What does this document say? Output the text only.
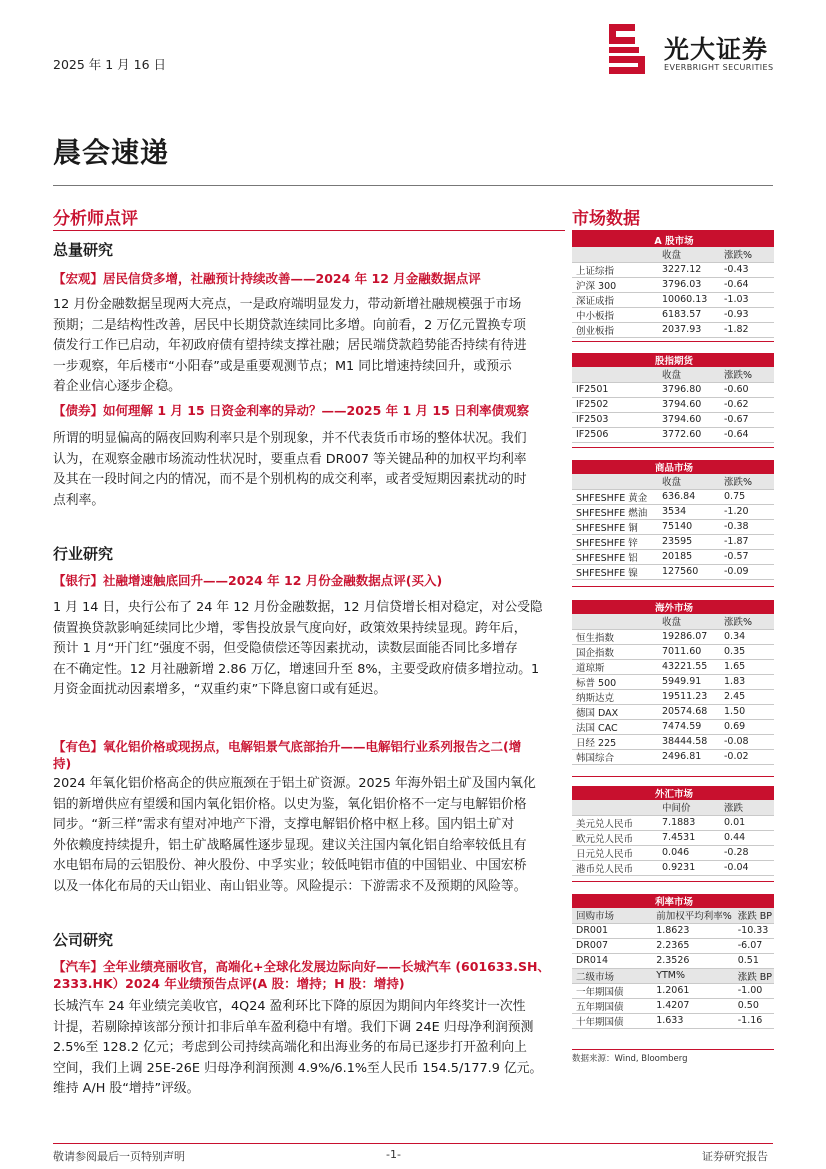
2025 年 1 月 16 日
光大证券
EVERBRIGHT SECURITIES
晨会速递
分析师点评
总量研究
【宏观】居民信贷多增，社融预计持续改善——2024 年 12 月金融数据点评
12 月份金融数据呈现两大亮点，一是政府端明显发力，带动新增社融规模强于市场
预期；二是结构性改善，居民中长期贷款连续同比多增。向前看，2 万亿元置换专项
债发行工作已启动，年初政府债有望持续支撑社融；居民端贷款趋势能否持续有待进
一步观察，年后楼市“小阳春”或是重要观测节点；M1 同比增速持续回升，或预示
着企业信心逐步企稳。
【债券】如何理解 1 月 15 日资金利率的异动？——2025 年 1 月 15 日利率债观察
所谓的明显偏高的隔夜回购利率只是个别现象，并不代表货币市场的整体状况。我们
认为，在观察金融市场流动性状况时，要重点看 DR007 等关键品种的加权平均利率
及其在一段时间之内的情况，而不是个别机构的成交利率，或者受短期因素扰动的时
点利率。
行业研究
【银行】社融增速触底回升——2024 年 12 月份金融数据点评(买入)
1 月 14 日，央行公布了 24 年 12 月份金融数据，12 月信贷增长相对稳定，对公受隐
债置换贷款影响延续同比少增，零售投放景气度向好，政策效果持续显现。跨年后，
预计 1 月“开门红”强度不弱，但受隐债偿还等因素扰动，读数层面能否同比多增存
在不确定性。12 月社融新增 2.86 万亿，增速回升至 8%，主要受政府债多增拉动。1
月资金面扰动因素增多，“双重约束”下降息窗口或有延迟。
【有色】氧化铝价格或现拐点，电解铝景气底部抬升——电解铝行业系列报告之二(增
持)
2024 年氧化铝价格高企的供应瓶颈在于铝土矿资源。2025 年海外铝土矿及国内氧化
铝的新增供应有望缓和国内氧化铝价格。以史为鉴，氧化铝价格不一定与电解铝价格
同步。“新三样”需求有望对冲地产下滑，支撑电解铝价格中枢上移。国内铝土矿对
外依赖度持续提升，铝土矿战略属性逐步显现。建议关注国内氧化铝自给率较低且有
水电铝布局的云铝股份、神火股份、中孚实业；较低吨铝市值的中国铝业、中国宏桥
以及一体化布局的天山铝业、南山铝业等。风险提示：下游需求不及预期的风险等。
公司研究
【汽车】全年业绩亮丽收官，高端化+全球化发展边际向好——长城汽车 (601633.SH、
2333.HK）2024 年业绩预告点评(A 股：增持；H 股：增持)
长城汽车 24 年业绩完美收官，4Q24 盈利环比下降的原因为期间内年终奖计一次性
计提，若剔除掉该部分预计扣非后单车盈利稳中有增。我们下调 24E 归母净利润预测
2.5%至 128.2 亿元；考虑到公司持续高端化和出海业务的布局已逐步打开盈利向上
空间，我们上调 25E-26E 归母净利润预测 4.9%/6.1%至人民币 154.5/177.9 亿元。
维持 A/H 股“增持”评级。
市场数据
A 股市场		
	收盘	涨跌%
上证综指	3227.12	-0.43
沪深 300	3796.03	-0.64
深证成指	10060.13	-1.03
中小板指	6183.57	-0.93
创业板指	2037.93	-1.82
股指期货		
	收盘	涨跌%
IF2501	3796.80	-0.60
IF2502	3794.60	-0.62
IF2503	3794.60	-0.67
IF2506	3772.60	-0.64
商品市场		
	收盘	涨跌%
SHFESHFE 黄金	636.84	0.75
SHFESHFE 燃油	3534	-1.20
SHFESHFE 铜	75140	-0.38
SHFESHFE 锌	23595	-1.87
SHFESHFE 铝	20185	-0.57
SHFESHFE 镍	127560	-0.09
海外市场		
	收盘	涨跌%
恒生指数	19286.07	0.34
国企指数	7011.60	0.35
道琼斯	43221.55	1.65
标普 500	5949.91	1.83
纳斯达克	19511.23	2.45
德国 DAX	20574.68	1.50
法国 CAC	7474.59	0.69
日经 225	38444.58	-0.08
韩国综合	2496.81	-0.02
外汇市场		
	中间价	涨跌
美元兑人民币	7.1883	0.01
欧元兑人民币	7.4531	0.44
日元兑人民币	0.046	-0.28
港币兑人民币	0.9231	-0.04
利率市场		
回购市场	前加权平均利率%	涨跌 BP
DR001	1.8623	-10.33
DR007	2.2365	-6.07
DR014	2.3526	0.51
二级市场	YTM%	涨跌 BP
一年期国债	1.2061	-1.00
五年期国债	1.4207	0.50
十年期国债	1.633	-1.16
数据来源：Wind, Bloomberg
敬请参阅最后一页特别声明	-1-	证券研究报告
